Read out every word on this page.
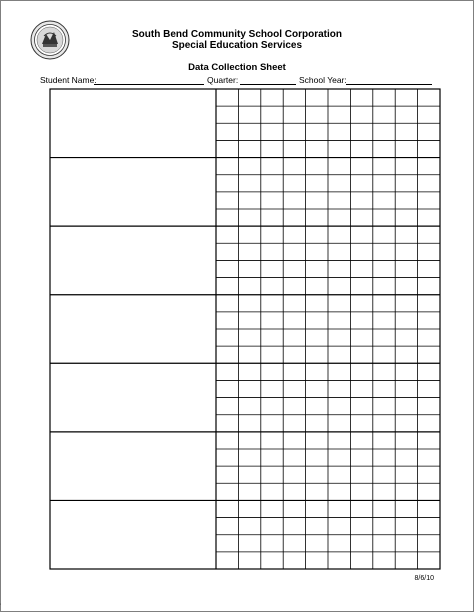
South Bend Community School Corporation
Special Education Services
Data Collection Sheet
Student Name:	Quarter:	School Year:
8/6/10
'
